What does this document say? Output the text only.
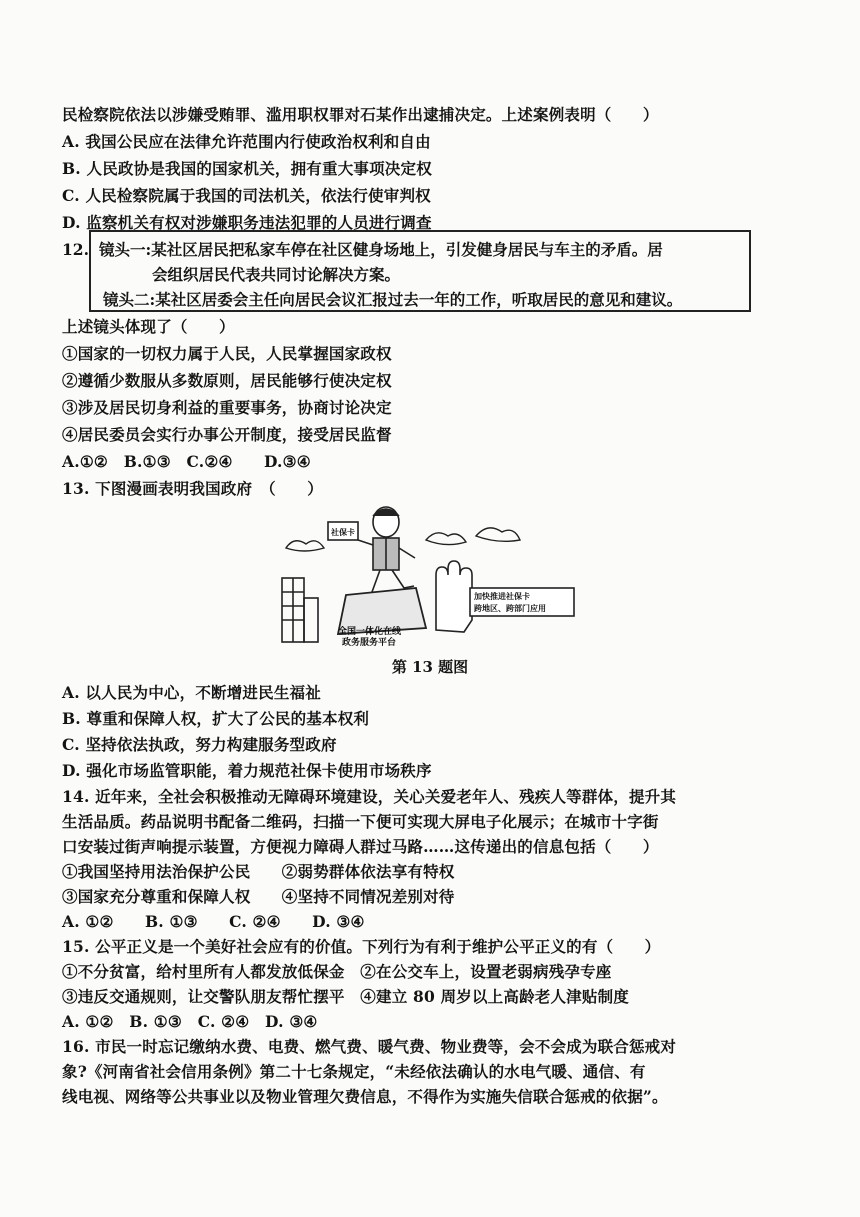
民检察院依法以涉嫌受贿罪、滥用职权罪对石某作出逮捕决定。上述案例表明（　　）
A. 我国公民应在法律允许范围内行使政治权利和自由
B. 人民政协是我国的国家机关，拥有重大事项决定权
C. 人民检察院属于我国的司法机关，依法行使审判权
D. 监察机关有权对涉嫌职务违法犯罪的人员进行调查
12. 镜头一:某社区居民把私家车停在社区健身场地上，引发健身居民与车主的矛盾。居
会组织居民代表共同讨论解决方案。
镜头二:某社区居委会主任向居民会议汇报过去一年的工作，听取居民的意见和建议。
上述镜头体现了（　　）
①国家的一切权力属于人民，人民掌握国家政权
②遵循少数服从多数原则，居民能够行使决定权
③涉及居民切身利益的重要事务，协商讨论决定
④居民委员会实行办事公开制度，接受居民监督
A.①②　B.①③　C.②④　　D.③④
13. 下图漫画表明我国政府　（　　）
全国一体化在线
政务服务平台
社保卡
加快推进社保卡
跨地区、跨部门应用
第 13 题图
A. 以人民为中心，不断增进民生福祉
B. 尊重和保障人权，扩大了公民的基本权利
C. 坚持依法执政，努力构建服务型政府
D. 强化市场监管职能，着力规范社保卡使用市场秩序
14. 近年来，全社会积极推动无障碍环境建设，关心关爱老年人、残疾人等群体，提升其
生活品质。药品说明书配备二维码，扫描一下便可实现大屏电子化展示；在城市十字街
口安装过街声响提示装置，方便视力障碍人群过马路……这传递出的信息包括（　　）
①我国坚持用法治保护公民　　②弱势群体依法享有特权
③国家充分尊重和保障人权　　④坚持不同情况差别对待
A. ①②　　B. ①③　　C. ②④　　D. ③④
15. 公平正义是一个美好社会应有的价值。下列行为有利于维护公平正义的有（　　）
①不分贫富，给村里所有人都发放低保金　②在公交车上，设置老弱病残孕专座
③违反交通规则，让交警队朋友帮忙摆平　④建立 80 周岁以上高龄老人津贴制度
A. ①②　B. ①③　C. ②④　D. ③④
16. 市民一时忘记缴纳水费、电费、燃气费、暖气费、物业费等，会不会成为联合惩戒对
象?《河南省社会信用条例》第二十七条规定，“未经依法确认的水电气暖、通信、有
线电视、网络等公共事业以及物业管理欠费信息，不得作为实施失信联合惩戒的依据”。
